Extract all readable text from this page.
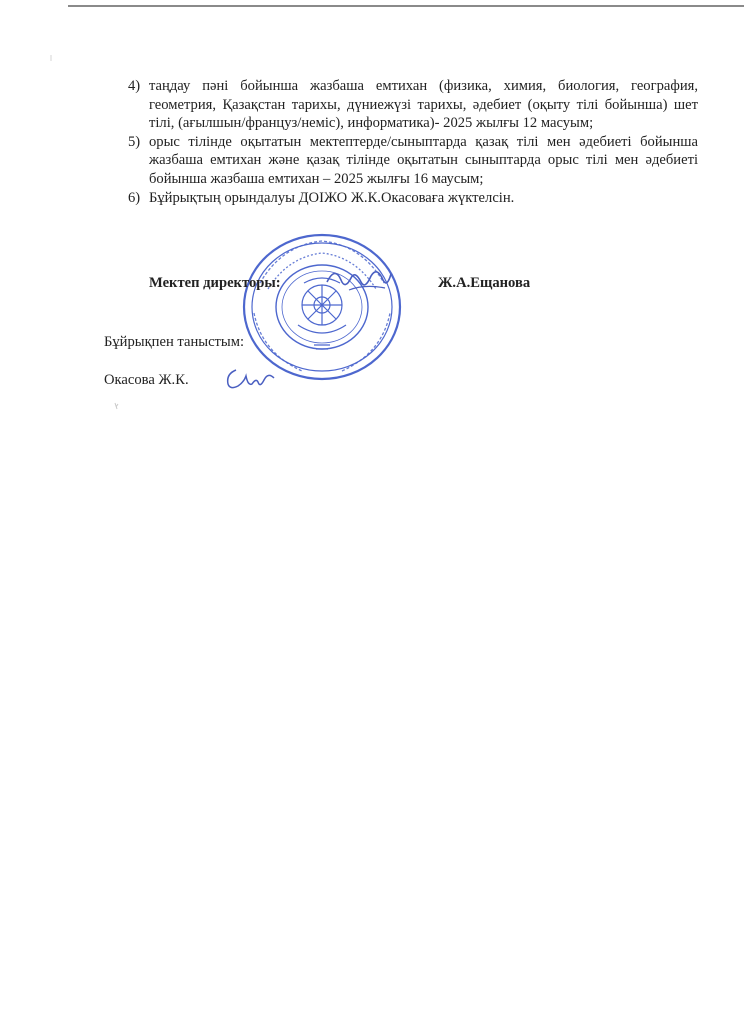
4) таңдау пәні бойынша жазбаша емтихан (физика, химия, биология, география, геометрия, Қазақстан тарихы, дүниежүзі тарихы, әдебиет (оқыту тілі бойынша) шет тілі, (ағылшын/француз/неміс), информатика)- 2025 жылғы 12 масуым;
5) орыс тілінде оқытатын мектептерде/сыныптарда қазақ тілі мен әдебиеті бойынша жазбаша емтихан және қазақ тілінде оқытатын сыныптарда орыс тілі мен әдебиеті бойынша жазбаша емтихан – 2025 жылғы 16 маусым;
6) Бұйрықтың орындалуы ДОІЖО Ж.К.Окасоваға жүктелсін.
Мектеп директоры:	Ж.А.Ещанова
Бұйрықпен таныстым:
Окасова Ж.К.
